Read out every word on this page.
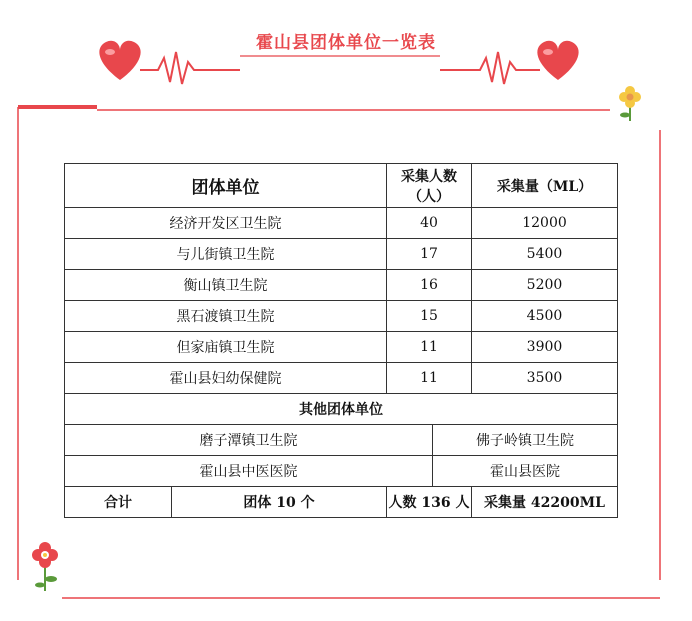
霍山县团体单位一览表
团体单位		采集人数（人）		采集量（ML）
经济开发区卫生院		40		12000
与儿街镇卫生院		17		5400
衡山镇卫生院		16		5200
黑石渡镇卫生院		15		4500
但家庙镇卫生院		11		3900
霍山县妇幼保健院		11		3500
其他团体单位				
磨子潭镇卫生院			佛子岭镇卫生院	
霍山县中医医院			霍山县医院	
合计	团体 10 个	人数 136 人		采集量 42200ML
